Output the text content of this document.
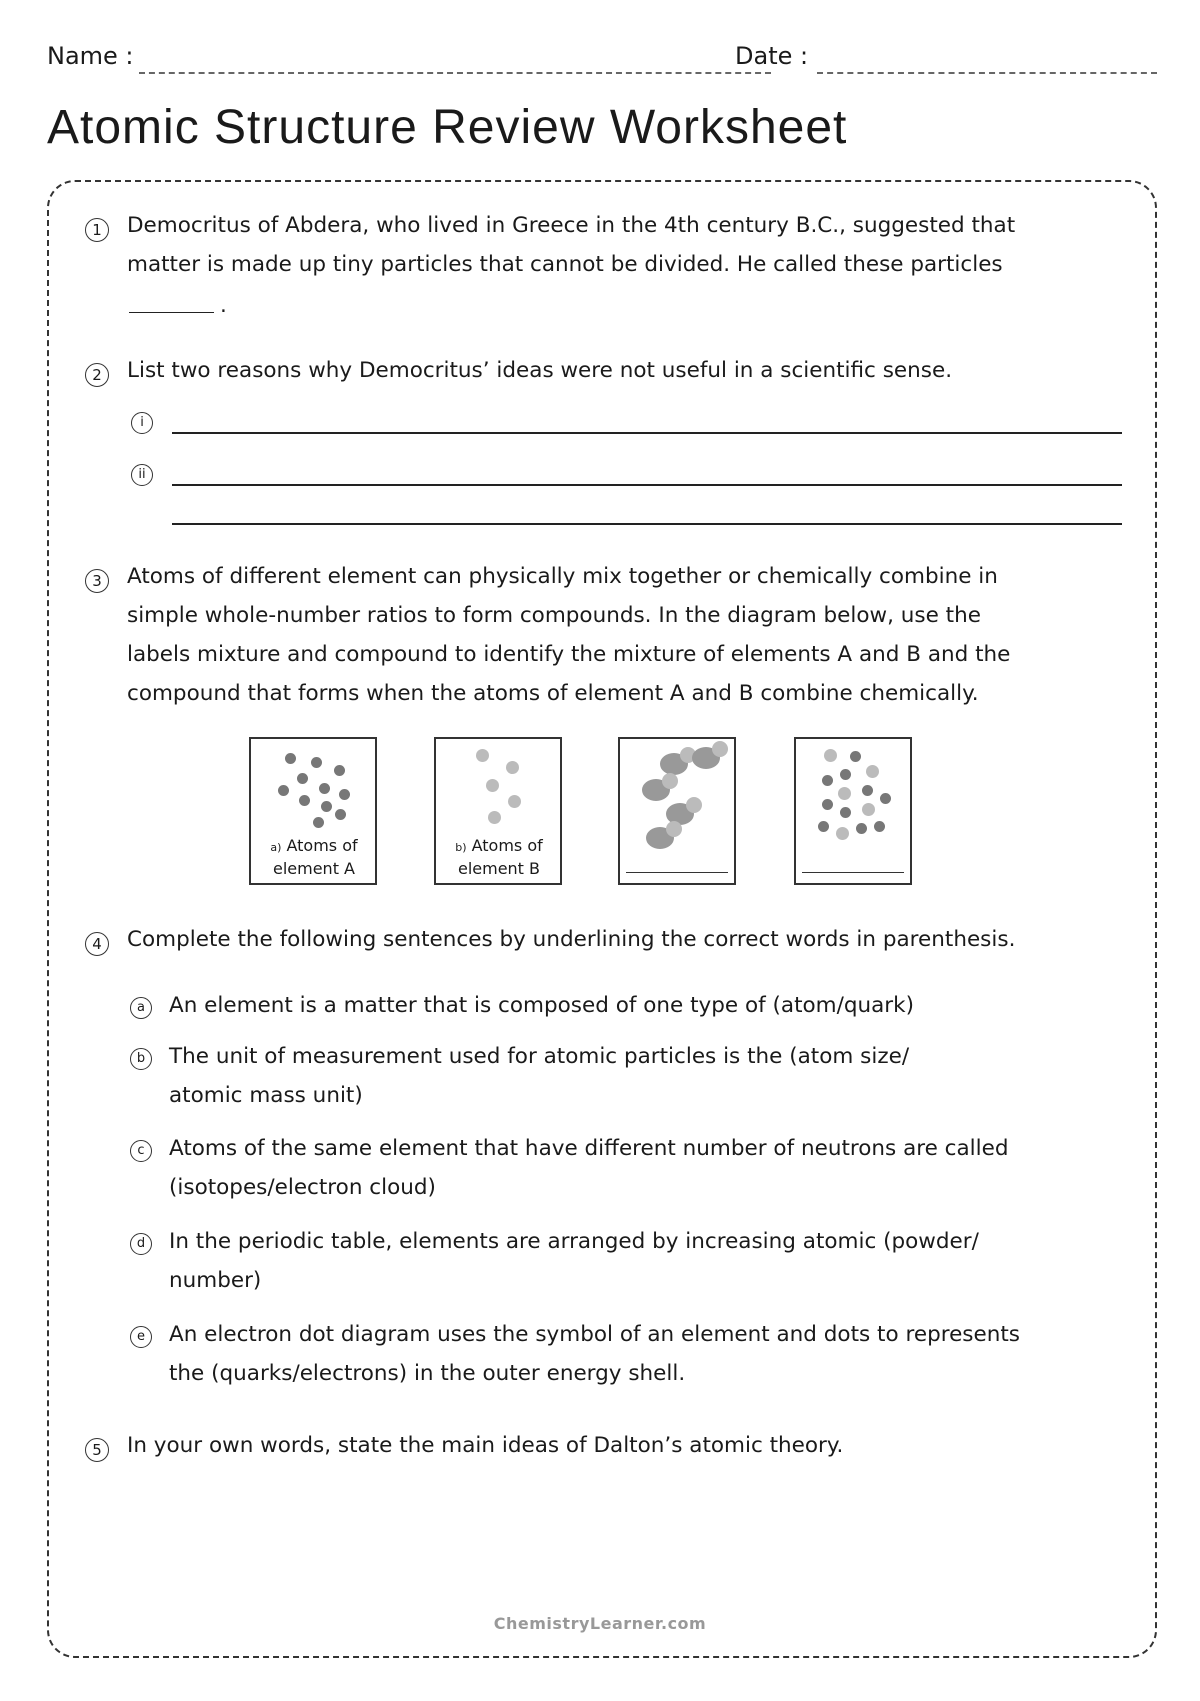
Name :	Date :
Atomic Structure Review Worksheet
1	Democritus of Abdera, who lived in Greece in the 4th century B.C., suggested that
matter is made up tiny particles that cannot be divided. He called these particles
.
2	List two reasons why Democritus’ ideas were not useful in a scientific sense.
i
ii
3	Atoms of different element can physically mix together or chemically combine in
simple whole-number ratios to form compounds. In the diagram below, use the
labels mixture and compound to identify the mixture of elements A and B and the
compound that forms when the atoms of element A and B combine chemically.
a) Atoms of
element A
b) Atoms of
element B
4	Complete the following sentences by underlining the correct words in parenthesis.
a	An element is a matter that is composed of one type of (atom/quark)
b	The unit of measurement used for atomic particles is the (atom size/
atomic mass unit)
c	Atoms of the same element that have different number of neutrons are called
(isotopes/electron cloud)
d	In the periodic table, elements are arranged by increasing atomic (powder/
number)
e	An electron dot diagram uses the symbol of an element and dots to represents
the (quarks/electrons) in the outer energy shell.
5	In your own words, state the main ideas of Dalton’s atomic theory.
ChemistryLearner.com
